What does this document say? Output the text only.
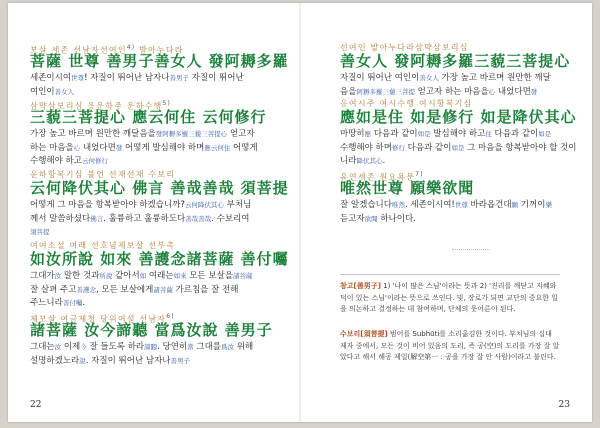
보살 세존 선남자선여인$^{4)}$ 발아누다라
菩薩 世尊 善男子善女人 發阿耨多羅
세존이시여世尊! 자질이 뛰어난 남자나善男子 자질이 뛰어난
여인이善女人
삼먁삼보리심 응운하주 운하수행$^{5)}$
三藐三菩提心 應云何住 云何修行
가장 높고 바르며 원만한 깨달음을發阿耨多羅三藐三菩提心 얻고자
하는 마음을心 내었다면發 어떻게 발심해야 하며應云何住 어떻게
수행해야 하고云何修行
운하항복기심 불언 선재선재 수보리
云何降伏其心 佛言 善哉善哉 須菩提
어떻게 그 마음을 항복받아야 하겠습니까?云何降伏其心 부처님
께서 말씀하셨다佛言. 훌륭하고 훌륭하도다善哉善哉. 수보리여
須菩提
여여소설 여래 선호념제보살 선부촉
如汝所說 如來 善護念諸菩薩 善付囑
그대가汝 말한 것과所說 같아서如 여래는如來 모든 보살을諸菩薩
잘 살펴 주고善護念, 모든 보살에게諸菩薩 가르침을 잘 전해
주느니라善付囑.
제보살 여금제청 당위여설 선남자$^{6)}$
諸菩薩 汝今諦聽 當爲汝說 善男子
그대는汝 이제今 잘 들도록 하라諦聽. 당연히當 그대를爲汝 위해
설명하겠노라說. 자질이 뛰어난 남자나善男子
22
선여인 발아누다라삼먁삼보리심
善女人 發阿耨多羅三藐三菩提心
자질이 뛰어난 여인이善女人 가장 높고 바르며 원만한 깨달
음을阿耨多羅三藐三菩提 얻고자 하는 마음을心 내었다면發
응여시주 여시수행 여시항복기심
應如是住 如是修行 如是降伏其心
마땅히應 다음과 같이如是 발심해야 하고住 다음과 같이如是
수행해야 하며修行 다음과 같이如是 그 마음을 항복받아야 할 것이
니라降伏其心.
유연세존 원요욕문$^{7)}$
唯然世尊 願樂欲聞
잘 알겠습니다唯然. 세존이시여!世尊 바라옵건대願 기꺼이樂
듣고자欲聞 하나이다.
참고[善男子] 1) '나이 많은 스님'이라는 뜻과 2) '진리를 깨닫고 지혜와 덕이 있는 스님'이라는 뜻으로 쓰인다. 및, 장로가 되면 교단의 중요한 일을 의논하고 결정하는 데 참여하며, 단체의 웃어른이 된다.
수보리[須菩提] 범어를 Subhūti를 소리옮김한 것이다. 부처님의 십대 제자 중에서, 모든 것이 비어 있음의 도리, 즉 공(空)의 도리를 가장 잘 알았다고 해서 해공 제일(解空第一 : 공을 가장 잘 안 사람)이라고 불린다.
23
